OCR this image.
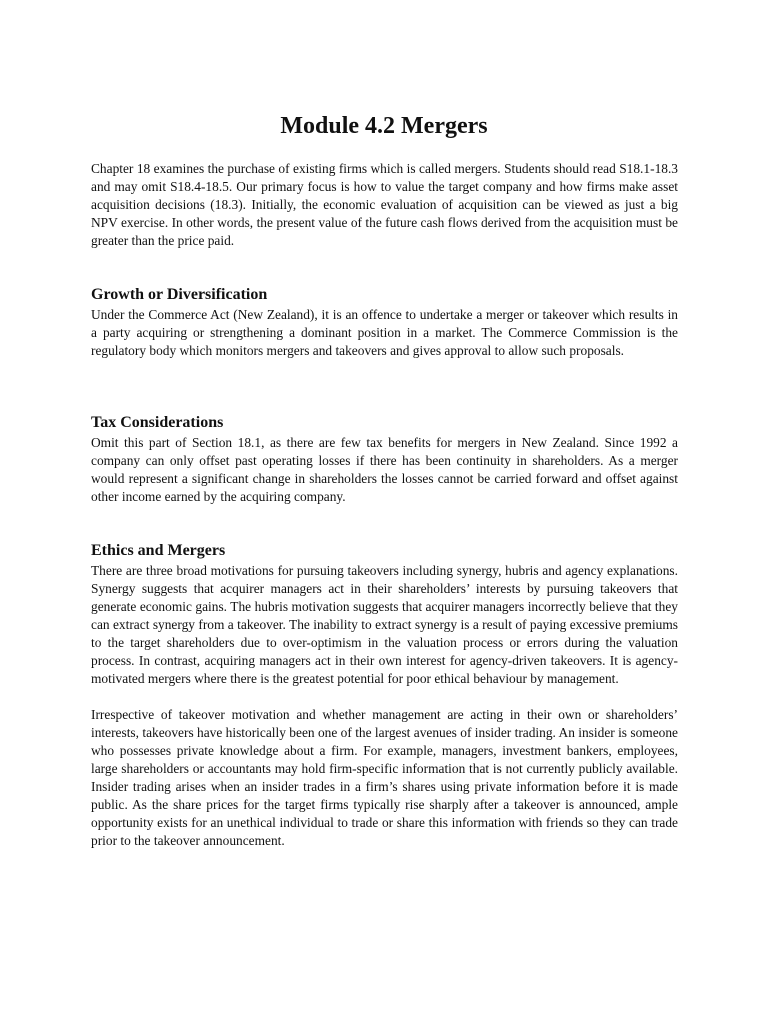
Module 4.2 Mergers

Chapter 18 examines the purchase of existing firms which is called mergers. Students should read S18.1-18.3 and may omit S18.4-18.5. Our primary focus is how to value the target company and how firms make asset acquisition decisions (18.3). Initially, the economic evaluation of acquisition can be viewed as just a big NPV exercise. In other words, the present value of the future cash flows derived from the acquisition must be greater than the price paid.

Growth or Diversification

Under the Commerce Act (New Zealand), it is an offence to undertake a merger or takeover which results in a party acquiring or strengthening a dominant position in a market. The Commerce Commission is the regulatory body which monitors mergers and takeovers and gives approval to allow such proposals.

Tax Considerations

Omit this part of Section 18.1, as there are few tax benefits for mergers in New Zealand. Since 1992 a company can only offset past operating losses if there has been continuity in shareholders. As a merger would represent a significant change in shareholders the losses cannot be carried forward and offset against other income earned by the acquiring company.

Ethics and Mergers

There are three broad motivations for pursuing takeovers including synergy, hubris and agency explanations. Synergy suggests that acquirer managers act in their shareholders’ interests by pursuing takeovers that generate economic gains. The hubris motivation suggests that acquirer managers incorrectly believe that they can extract synergy from a takeover. The inability to extract synergy is a result of paying excessive premiums to the target shareholders due to over-optimism in the valuation process or errors during the valuation process. In contrast, acquiring managers act in their own interest for agency-driven takeovers. It is agency-motivated mergers where there is the greatest potential for poor ethical behaviour by management.

Irrespective of takeover motivation and whether management are acting in their own or shareholders’ interests, takeovers have historically been one of the largest avenues of insider trading. An insider is someone who possesses private knowledge about a firm. For example, managers, investment bankers, employees, large shareholders or accountants may hold firm-specific information that is not currently publicly available. Insider trading arises when an insider trades in a firm’s shares using private information before it is made public. As the share prices for the target firms typically rise sharply after a takeover is announced, ample opportunity exists for an unethical individual to trade or share this information with friends so they can trade prior to the takeover announcement.
